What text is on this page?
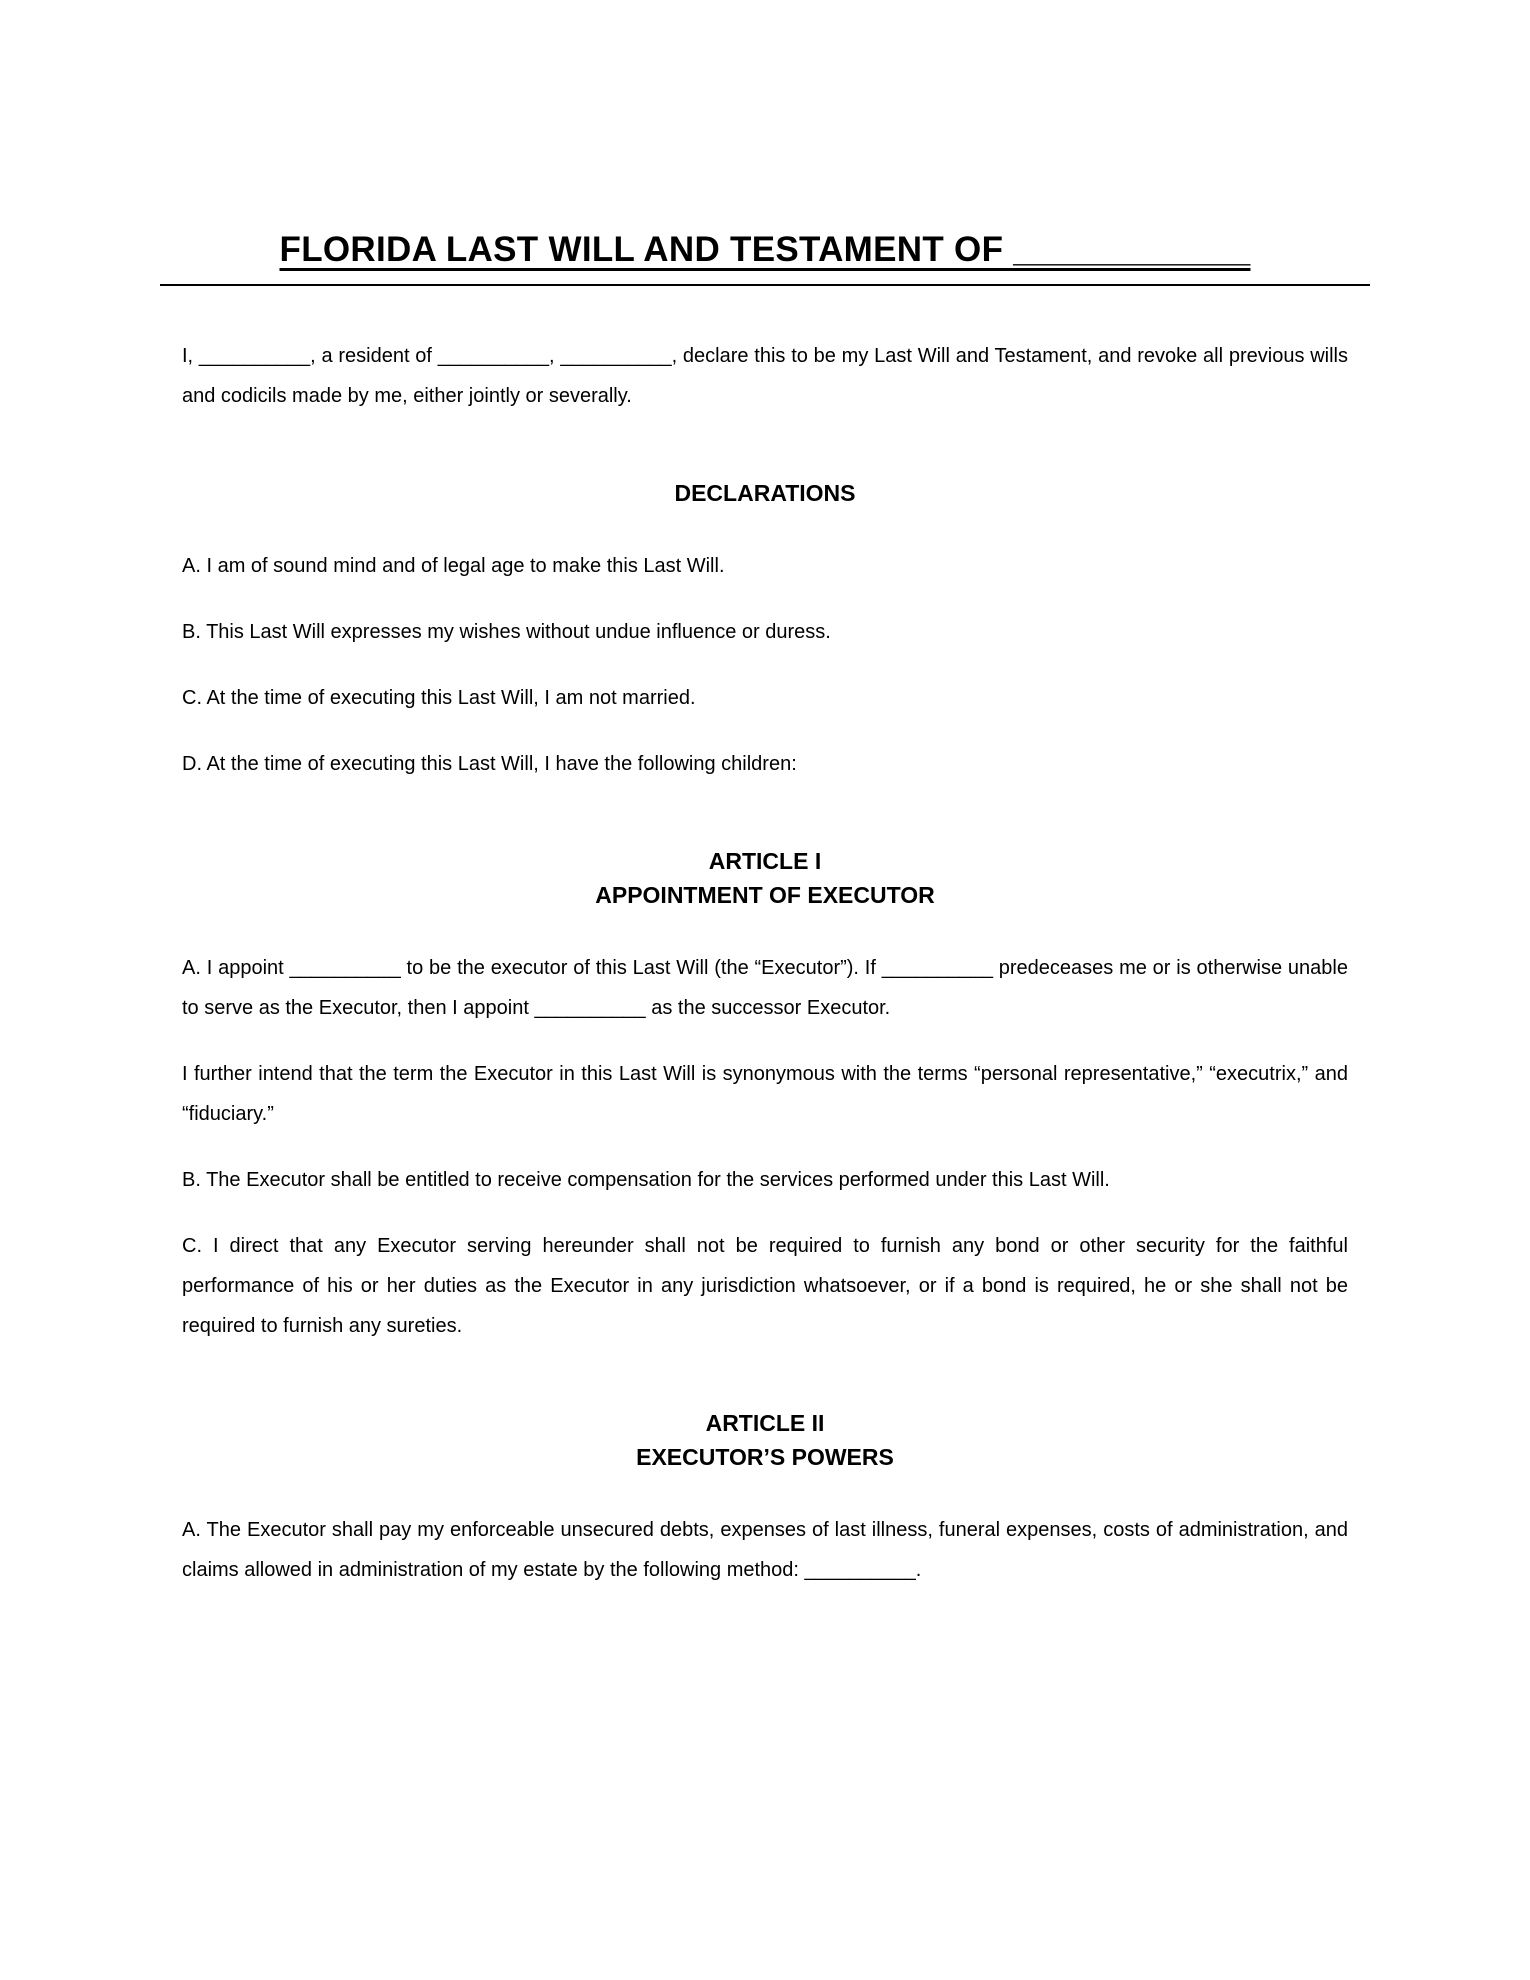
FLORIDA LAST WILL AND TESTAMENT OF ____________

I, __________, a resident of __________, __________, declare this to be my Last Will and Testament, and revoke all previous wills and codicils made by me, either jointly or severally.

DECLARATIONS

A. I am of sound mind and of legal age to make this Last Will.

B. This Last Will expresses my wishes without undue influence or duress.

C. At the time of executing this Last Will, I am not married.

D. At the time of executing this Last Will, I have the following children:

ARTICLE I
APPOINTMENT OF EXECUTOR

A. I appoint __________ to be the executor of this Last Will (the “Executor”). If __________ predeceases me or is otherwise unable to serve as the Executor, then I appoint __________ as the successor Executor.

I further intend that the term the Executor in this Last Will is synonymous with the terms “personal representative,” “executrix,” and “fiduciary.”

B. The Executor shall be entitled to receive compensation for the services performed under this Last Will.

C. I direct that any Executor serving hereunder shall not be required to furnish any bond or other security for the faithful performance of his or her duties as the Executor in any jurisdiction whatsoever, or if a bond is required, he or she shall not be required to furnish any sureties.

ARTICLE II
EXECUTOR’S POWERS

A. The Executor shall pay my enforceable unsecured debts, expenses of last illness, funeral expenses, costs of administration, and claims allowed in administration of my estate by the following method: __________.
